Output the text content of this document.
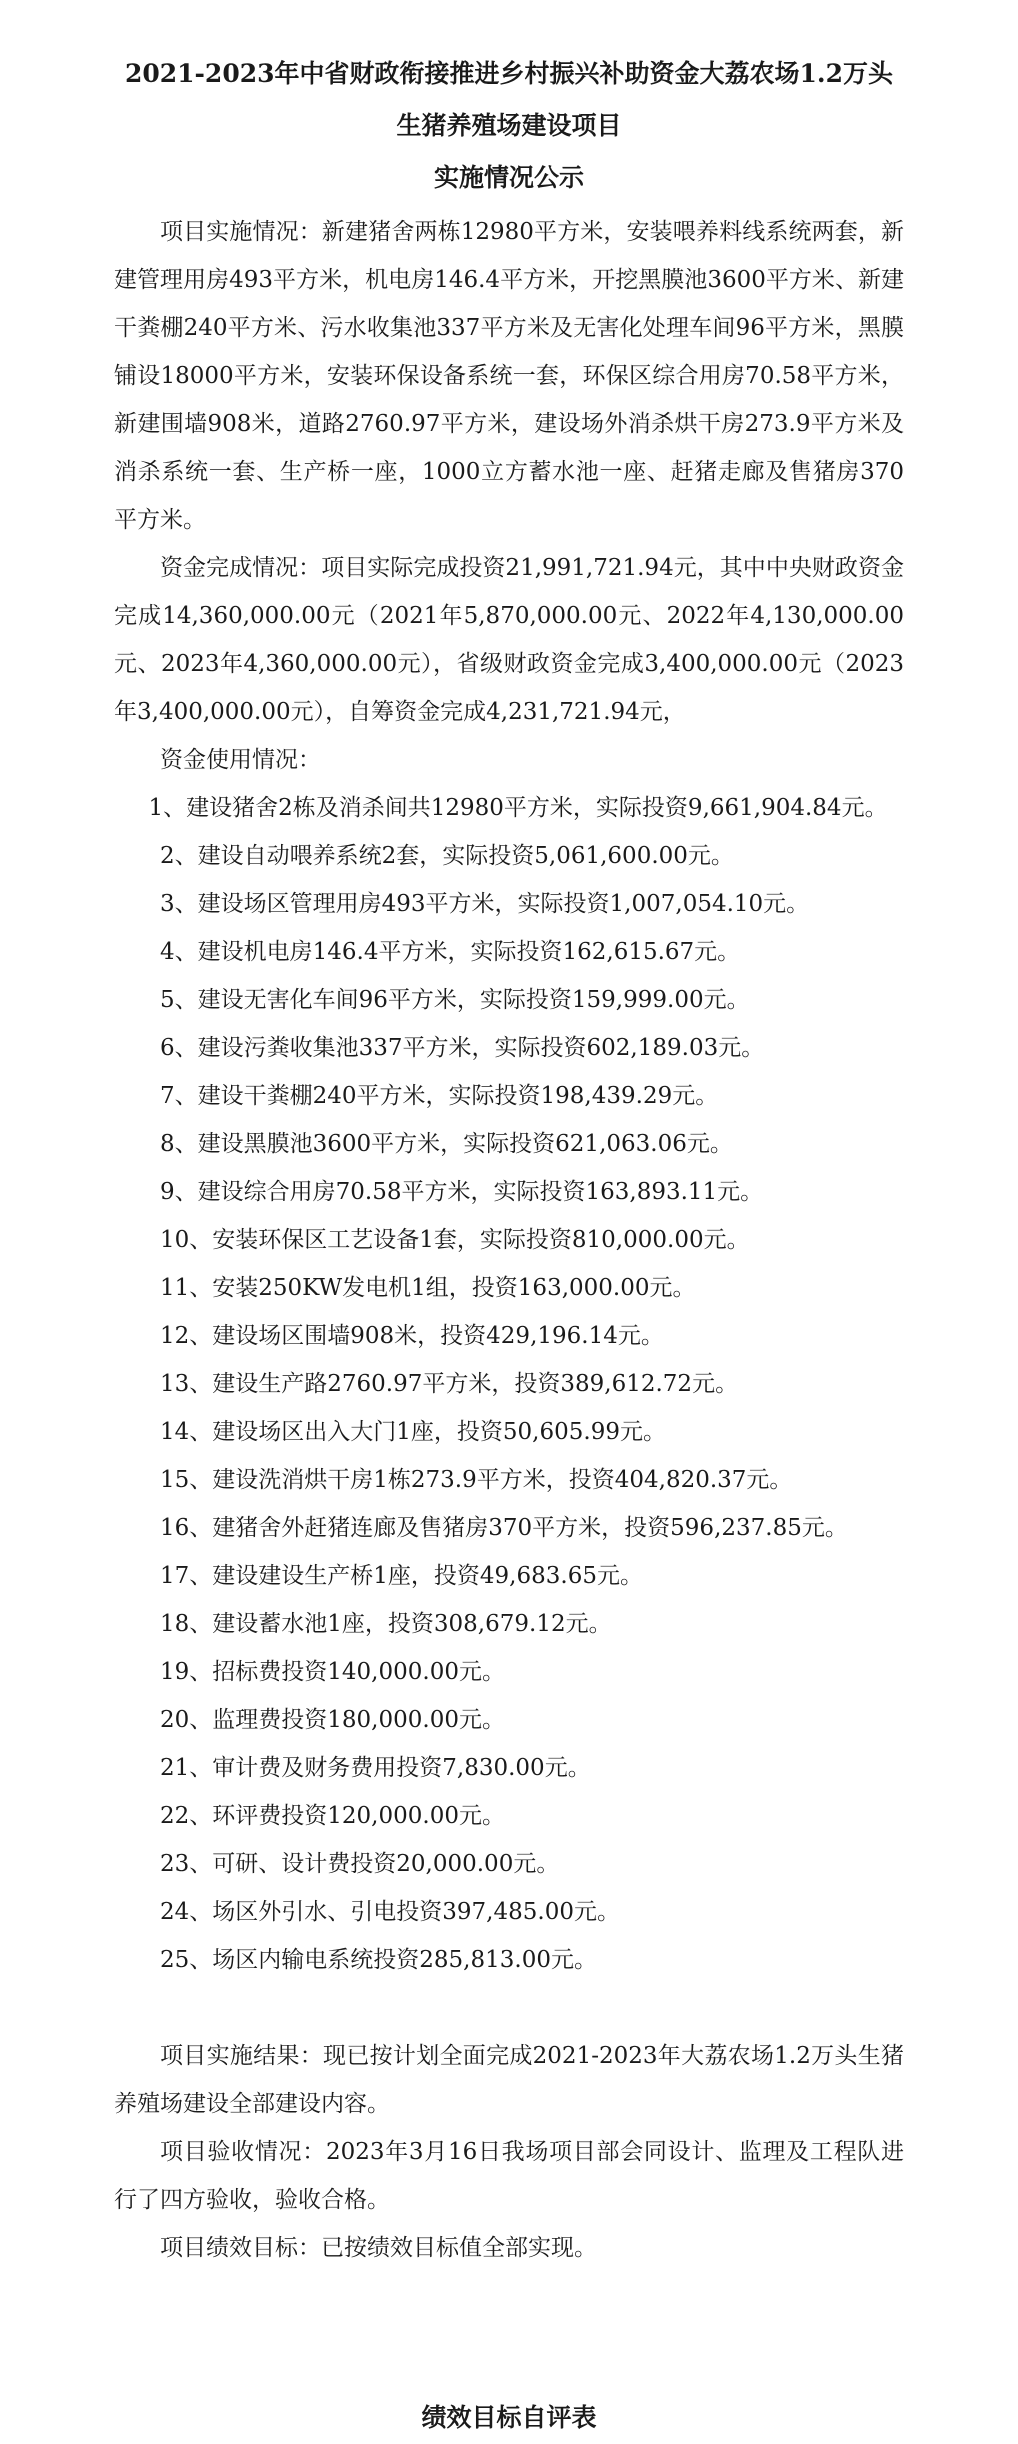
2021-2023年中省财政衔接推进乡村振兴补助资金大荔农场1.2万头生猪养殖场建设项目

实施情况公示

项目实施情况：新建猪舍两栋12980平方米，安装喂养料线系统两套，新建管理用房493平方米，机电房146.4平方米，开挖黑膜池3600平方米、新建干粪棚240平方米、污水收集池337平方米及无害化处理车间96平方米，黑膜铺设18000平方米，安装环保设备系统一套，环保区综合用房70.58平方米，新建围墙908米，道路2760.97平方米，建设场外消杀烘干房273.9平方米及消杀系统一套、生产桥一座，1000立方蓄水池一座、赶猪走廊及售猪房370平方米。

资金完成情况：项目实际完成投资21,991,721.94元，其中中央财政资金完成14,360,000.00元（2021年5,870,000.00元、2022年4,130,000.00元、2023年4,360,000.00元），省级财政资金完成3,400,000.00元（2023年3,400,000.00元），自筹资金完成4,231,721.94元，

资金使用情况：

1、建设猪舍2栋及消杀间共12980平方米，实际投资9,661,904.84元。
2、建设自动喂养系统2套，实际投资5,061,600.00元。
3、建设场区管理用房493平方米，实际投资1,007,054.10元。
4、建设机电房146.4平方米，实际投资162,615.67元。
5、建设无害化车间96平方米，实际投资159,999.00元。
6、建设污粪收集池337平方米，实际投资602,189.03元。
7、建设干粪棚240平方米，实际投资198,439.29元。
8、建设黑膜池3600平方米，实际投资621,063.06元。
9、建设综合用房70.58平方米，实际投资163,893.11元。
10、安装环保区工艺设备1套，实际投资810,000.00元。
11、安装250KW发电机1组，投资163,000.00元。
12、建设场区围墙908米，投资429,196.14元。
13、建设生产路2760.97平方米，投资389,612.72元。
14、建设场区出入大门1座，投资50,605.99元。
15、建设洗消烘干房1栋273.9平方米，投资404,820.37元。
16、建猪舍外赶猪连廊及售猪房370平方米，投资596,237.85元。
17、建设建设生产桥1座，投资49,683.65元。
18、建设蓄水池1座，投资308,679.12元。
19、招标费投资140,000.00元。
20、监理费投资180,000.00元。
21、审计费及财务费用投资7,830.00元。
22、环评费投资120,000.00元。
23、可研、设计费投资20,000.00元。
24、场区外引水、引电投资397,485.00元。
25、场区内输电系统投资285,813.00元。

项目实施结果：现已按计划全面完成2021-2023年大荔农场1.2万头生猪养殖场建设全部建设内容。

项目验收情况：2023年3月16日我场项目部会同设计、监理及工程队进行了四方验收，验收合格。

项目绩效目标：已按绩效目标值全部实现。

绩效目标自评表
